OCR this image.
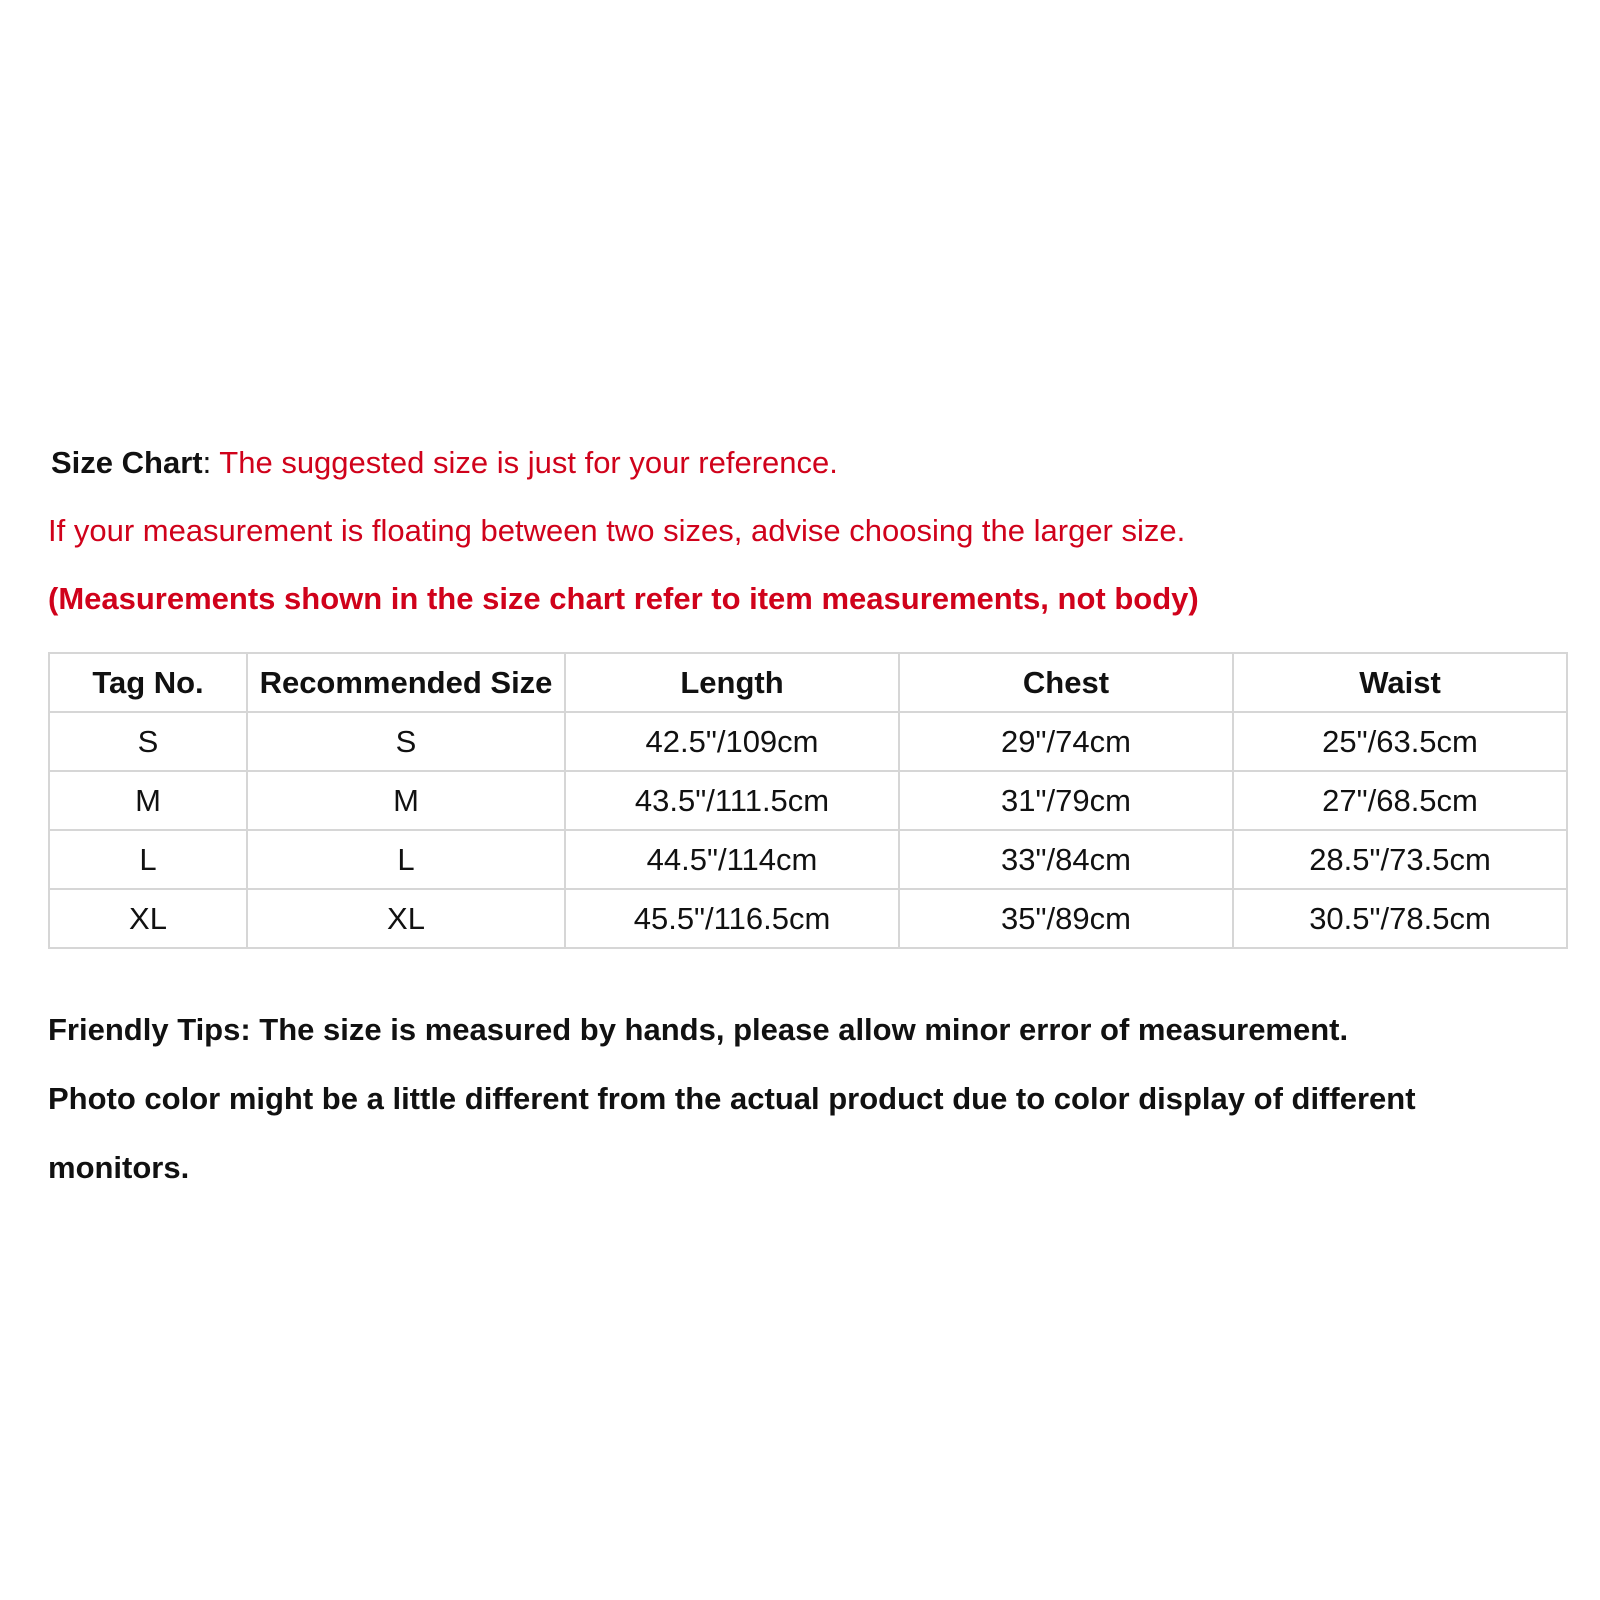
Size Chart: The suggested size is just for your reference.
If your measurement is floating between two sizes, advise choosing the larger size.
(Measurements shown in the size chart refer to item measurements, not body)
Tag No.	Recommended Size	Length	Chest	Waist
S	S	42.5"/109cm	29"/74cm	25"/63.5cm
M	M	43.5"/111.5cm	31"/79cm	27"/68.5cm
L	L	44.5"/114cm	33"/84cm	28.5"/73.5cm
XL	XL	45.5"/116.5cm	35"/89cm	30.5"/78.5cm
Friendly Tips: The size is measured by hands, please allow minor error of measurement.
Photo color might be a little different from the actual product due to color display of different monitors.
